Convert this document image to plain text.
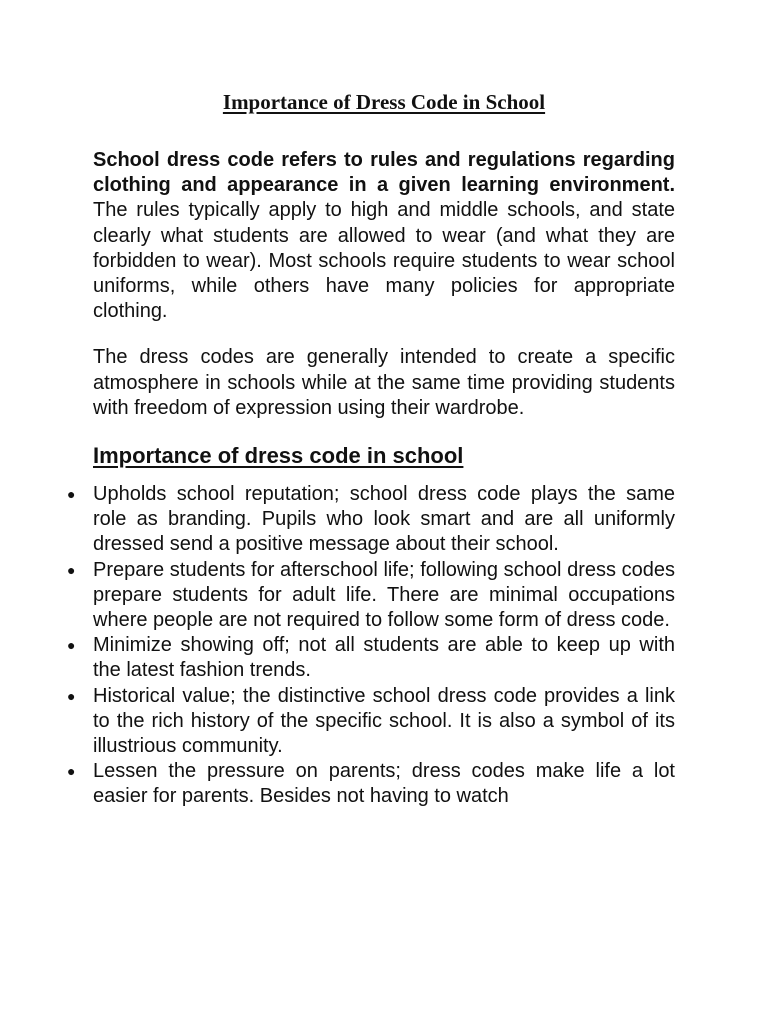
Importance of Dress Code in School

School dress code refers to rules and regulations regarding clothing and appearance in a given learning environment. The rules typically apply to high and middle schools, and state clearly what students are allowed to wear (and what they are forbidden to wear). Most schools require students to wear school uniforms, while others have many policies for appropriate clothing.

The dress codes are generally intended to create a specific atmosphere in schools while at the same time providing students with freedom of expression using their wardrobe.

Importance of dress code in school
● Upholds school reputation; school dress code plays the same role as branding. Pupils who look smart and are all uniformly dressed send a positive message about their school.
● Prepare students for afterschool life; following school dress codes prepare students for adult life. There are minimal occupations where people are not required to follow some form of dress code.
● Minimize showing off; not all students are able to keep up with the latest fashion trends.
● Historical value; the distinctive school dress code provides a link to the rich history of the specific school. It is also a symbol of its illustrious community.
● Lessen the pressure on parents; dress codes make life a lot easier for parents. Besides not having to watch
